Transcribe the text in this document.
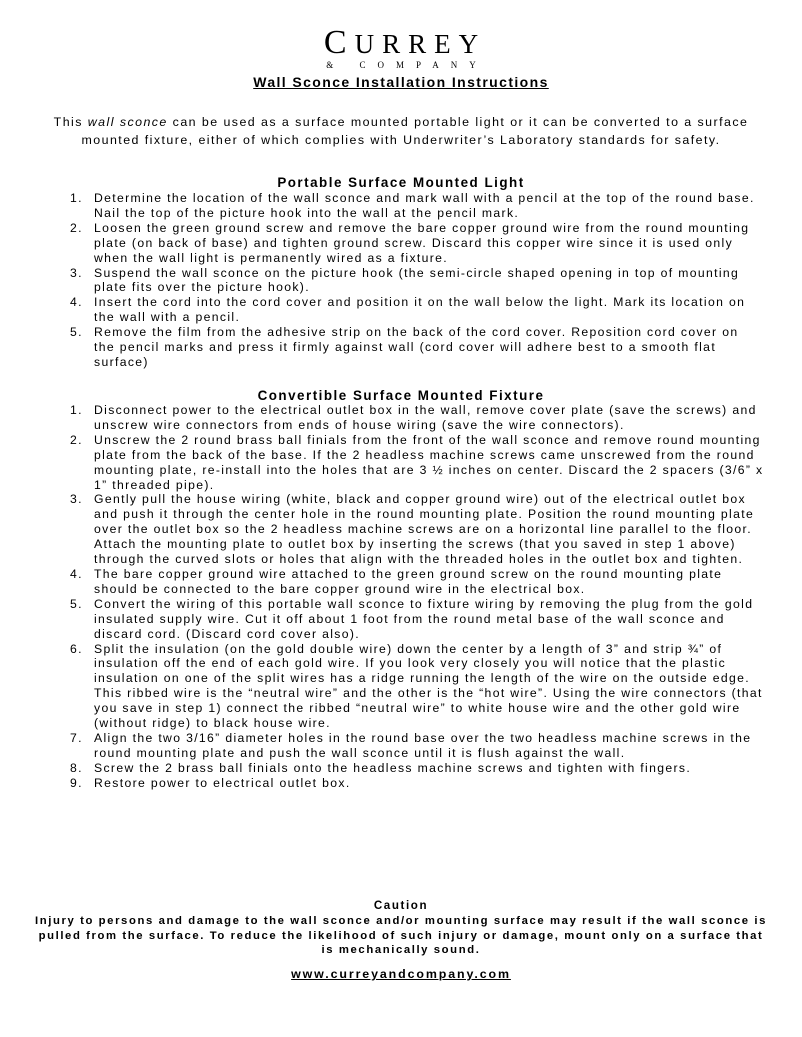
CURREY
& COMPANY
Wall Sconce Installation Instructions
This wall sconce can be used as a surface mounted portable light or it can be converted to a surface mounted fixture, either of which complies with Underwriter’s Laboratory standards for safety.
Portable Surface Mounted Light
1. Determine the location of the wall sconce and mark wall with a pencil at the top of the round base. Nail the top of the picture hook into the wall at the pencil mark.
2. Loosen the green ground screw and remove the bare copper ground wire from the round mounting plate (on back of base) and tighten ground screw. Discard this copper wire since it is used only when the wall light is permanently wired as a fixture.
3. Suspend the wall sconce on the picture hook (the semi-circle shaped opening in top of mounting plate fits over the picture hook).
4. Insert the cord into the cord cover and position it on the wall below the light. Mark its location on the wall with a pencil.
5. Remove the film from the adhesive strip on the back of the cord cover. Reposition cord cover on the pencil marks and press it firmly against wall (cord cover will adhere best to a smooth flat surface)
Convertible Surface Mounted Fixture
1. Disconnect power to the electrical outlet box in the wall, remove cover plate (save the screws) and unscrew wire connectors from ends of house wiring (save the wire connectors).
2. Unscrew the 2 round brass ball finials from the front of the wall sconce and remove round mounting plate from the back of the base. If the 2 headless machine screws came unscrewed from the round mounting plate, re-install into the holes that are 3 ½ inches on center. Discard the 2 spacers (3/6” x 1” threaded pipe).
3. Gently pull the house wiring (white, black and copper ground wire) out of the electrical outlet box and push it through the center hole in the round mounting plate. Position the round mounting plate over the outlet box so the 2 headless machine screws are on a horizontal line parallel to the floor. Attach the mounting plate to outlet box by inserting the screws (that you saved in step 1 above) through the curved slots or holes that align with the threaded holes in the outlet box and tighten.
4. The bare copper ground wire attached to the green ground screw on the round mounting plate should be connected to the bare copper ground wire in the electrical box.
5. Convert the wiring of this portable wall sconce to fixture wiring by removing the plug from the gold insulated supply wire. Cut it off about 1 foot from the round metal base of the wall sconce and discard cord. (Discard cord cover also).
6. Split the insulation (on the gold double wire) down the center by a length of 3” and strip ¾” of insulation off the end of each gold wire. If you look very closely you will notice that the plastic insulation on one of the split wires has a ridge running the length of the wire on the outside edge. This ribbed wire is the “neutral wire” and the other is the “hot wire”. Using the wire connectors (that you save in step 1) connect the ribbed “neutral wire” to white house wire and the other gold wire (without ridge) to black house wire.
7. Align the two 3/16” diameter holes in the round base over the two headless machine screws in the round mounting plate and push the wall sconce until it is flush against the wall.
8. Screw the 2 brass ball finials onto the headless machine screws and tighten with fingers.
9. Restore power to electrical outlet box.
Caution
Injury to persons and damage to the wall sconce and/or mounting surface may result if the wall sconce is pulled from the surface. To reduce the likelihood of such injury or damage, mount only on a surface that is mechanically sound.
www.curreyandcompany.com
